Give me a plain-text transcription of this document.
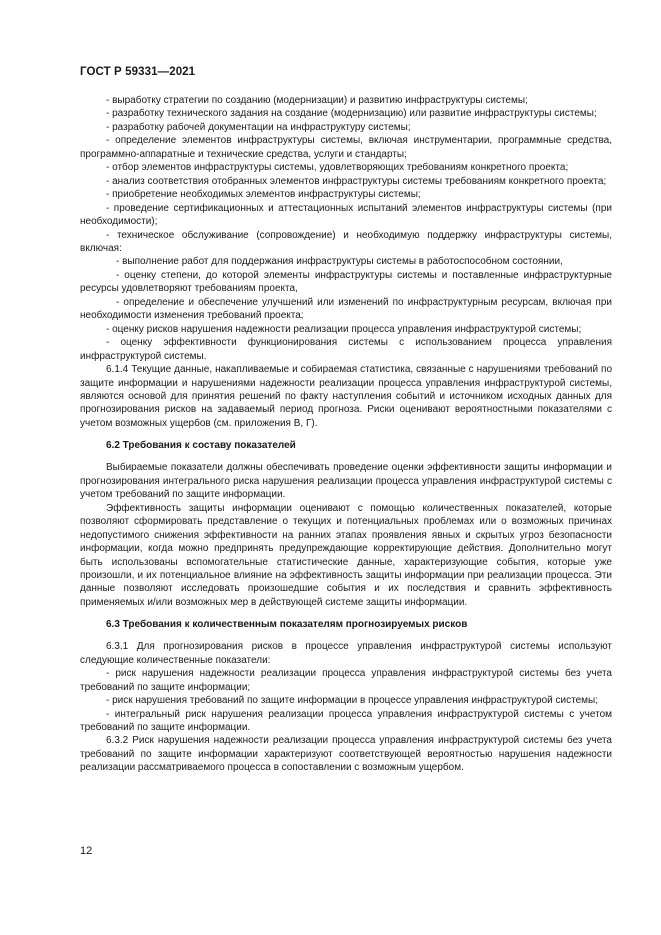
ГОСТ Р 59331—2021

- выработку стратегии по созданию (модернизации) и развитию инфраструктуры системы;

- разработку технического задания на создание (модернизацию) или развитие инфраструктуры системы;

- разработку рабочей документации на инфраструктуру системы;

- определение элементов инфраструктуры системы, включая инструментарии, программные средства, программно-аппаратные и технические средства, услуги и стандарты;

- отбор элементов инфраструктуры системы, удовлетворяющих требованиям конкретного проекта;

- анализ соответствия отобранных элементов инфраструктуры системы требованиям конкретного проекта;

- приобретение необходимых элементов инфраструктуры системы;

- проведение сертификационных и аттестационных испытаний элементов инфраструктуры системы (при необходимости);

- техническое обслуживание (сопровождение) и необходимую поддержку инфраструктуры системы, включая:

- выполнение работ для поддержания инфраструктуры системы в работоспособном состоянии,

- оценку степени, до которой элементы инфраструктуры системы и поставленные инфраструктурные ресурсы удовлетворяют требованиям проекта,

- определение и обеспечение улучшений или изменений по инфраструктурным ресурсам, включая при необходимости изменения требований проекта;

- оценку рисков нарушения надежности реализации процесса управления инфраструктурой системы;

- оценку эффективности функционирования системы с использованием процесса управления инфраструктурой системы.

6.1.4 Текущие данные, накапливаемые и собираемая статистика, связанные с нарушениями требований по защите информации и нарушениями надежности реализации процесса управления инфраструктурой системы, являются основой для принятия решений по факту наступления событий и источником исходных данных для прогнозирования рисков на задаваемый период прогноза. Риски оценивают вероятностными показателями с учетом возможных ущербов (см. приложения В, Г).

6.2 Требования к составу показателей

Выбираемые показатели должны обеспечивать проведение оценки эффективности защиты информации и прогнозирования интегрального риска нарушения реализации процесса управления инфраструктурой системы с учетом требований по защите информации.

Эффективность защиты информации оценивают с помощью количественных показателей, которые позволяют сформировать представление о текущих и потенциальных проблемах или о возможных причинах недопустимого снижения эффективности на ранних этапах проявления явных и скрытых угроз безопасности информации, когда можно предпринять предупреждающие корректирующие действия. Дополнительно могут быть использованы вспомогательные статистические данные, характеризующие события, которые уже произошли, и их потенциальное влияние на эффективность защиты информации при реализации процесса. Эти данные позволяют исследовать произошедшие события и их последствия и сравнить эффективность применяемых и/или возможных мер в действующей системе защиты информации.

6.3 Требования к количественным показателям прогнозируемых рисков

6.3.1 Для прогнозирования рисков в процессе управления инфраструктурой системы используют следующие количественные показатели:

- риск нарушения надежности реализации процесса управления инфраструктурой системы без учета требований по защите информации;

- риск нарушения требований по защите информации в процессе управления инфраструктурой системы;

- интегральный риск нарушения реализации процесса управления инфраструктурой системы с учетом требований по защите информации.

6.3.2 Риск нарушения надежности реализации процесса управления инфраструктурой системы без учета требований по защите информации характеризуют соответствующей вероятностью нарушения надежности реализации рассматриваемого процесса в сопоставлении с возможным ущербом.

12
